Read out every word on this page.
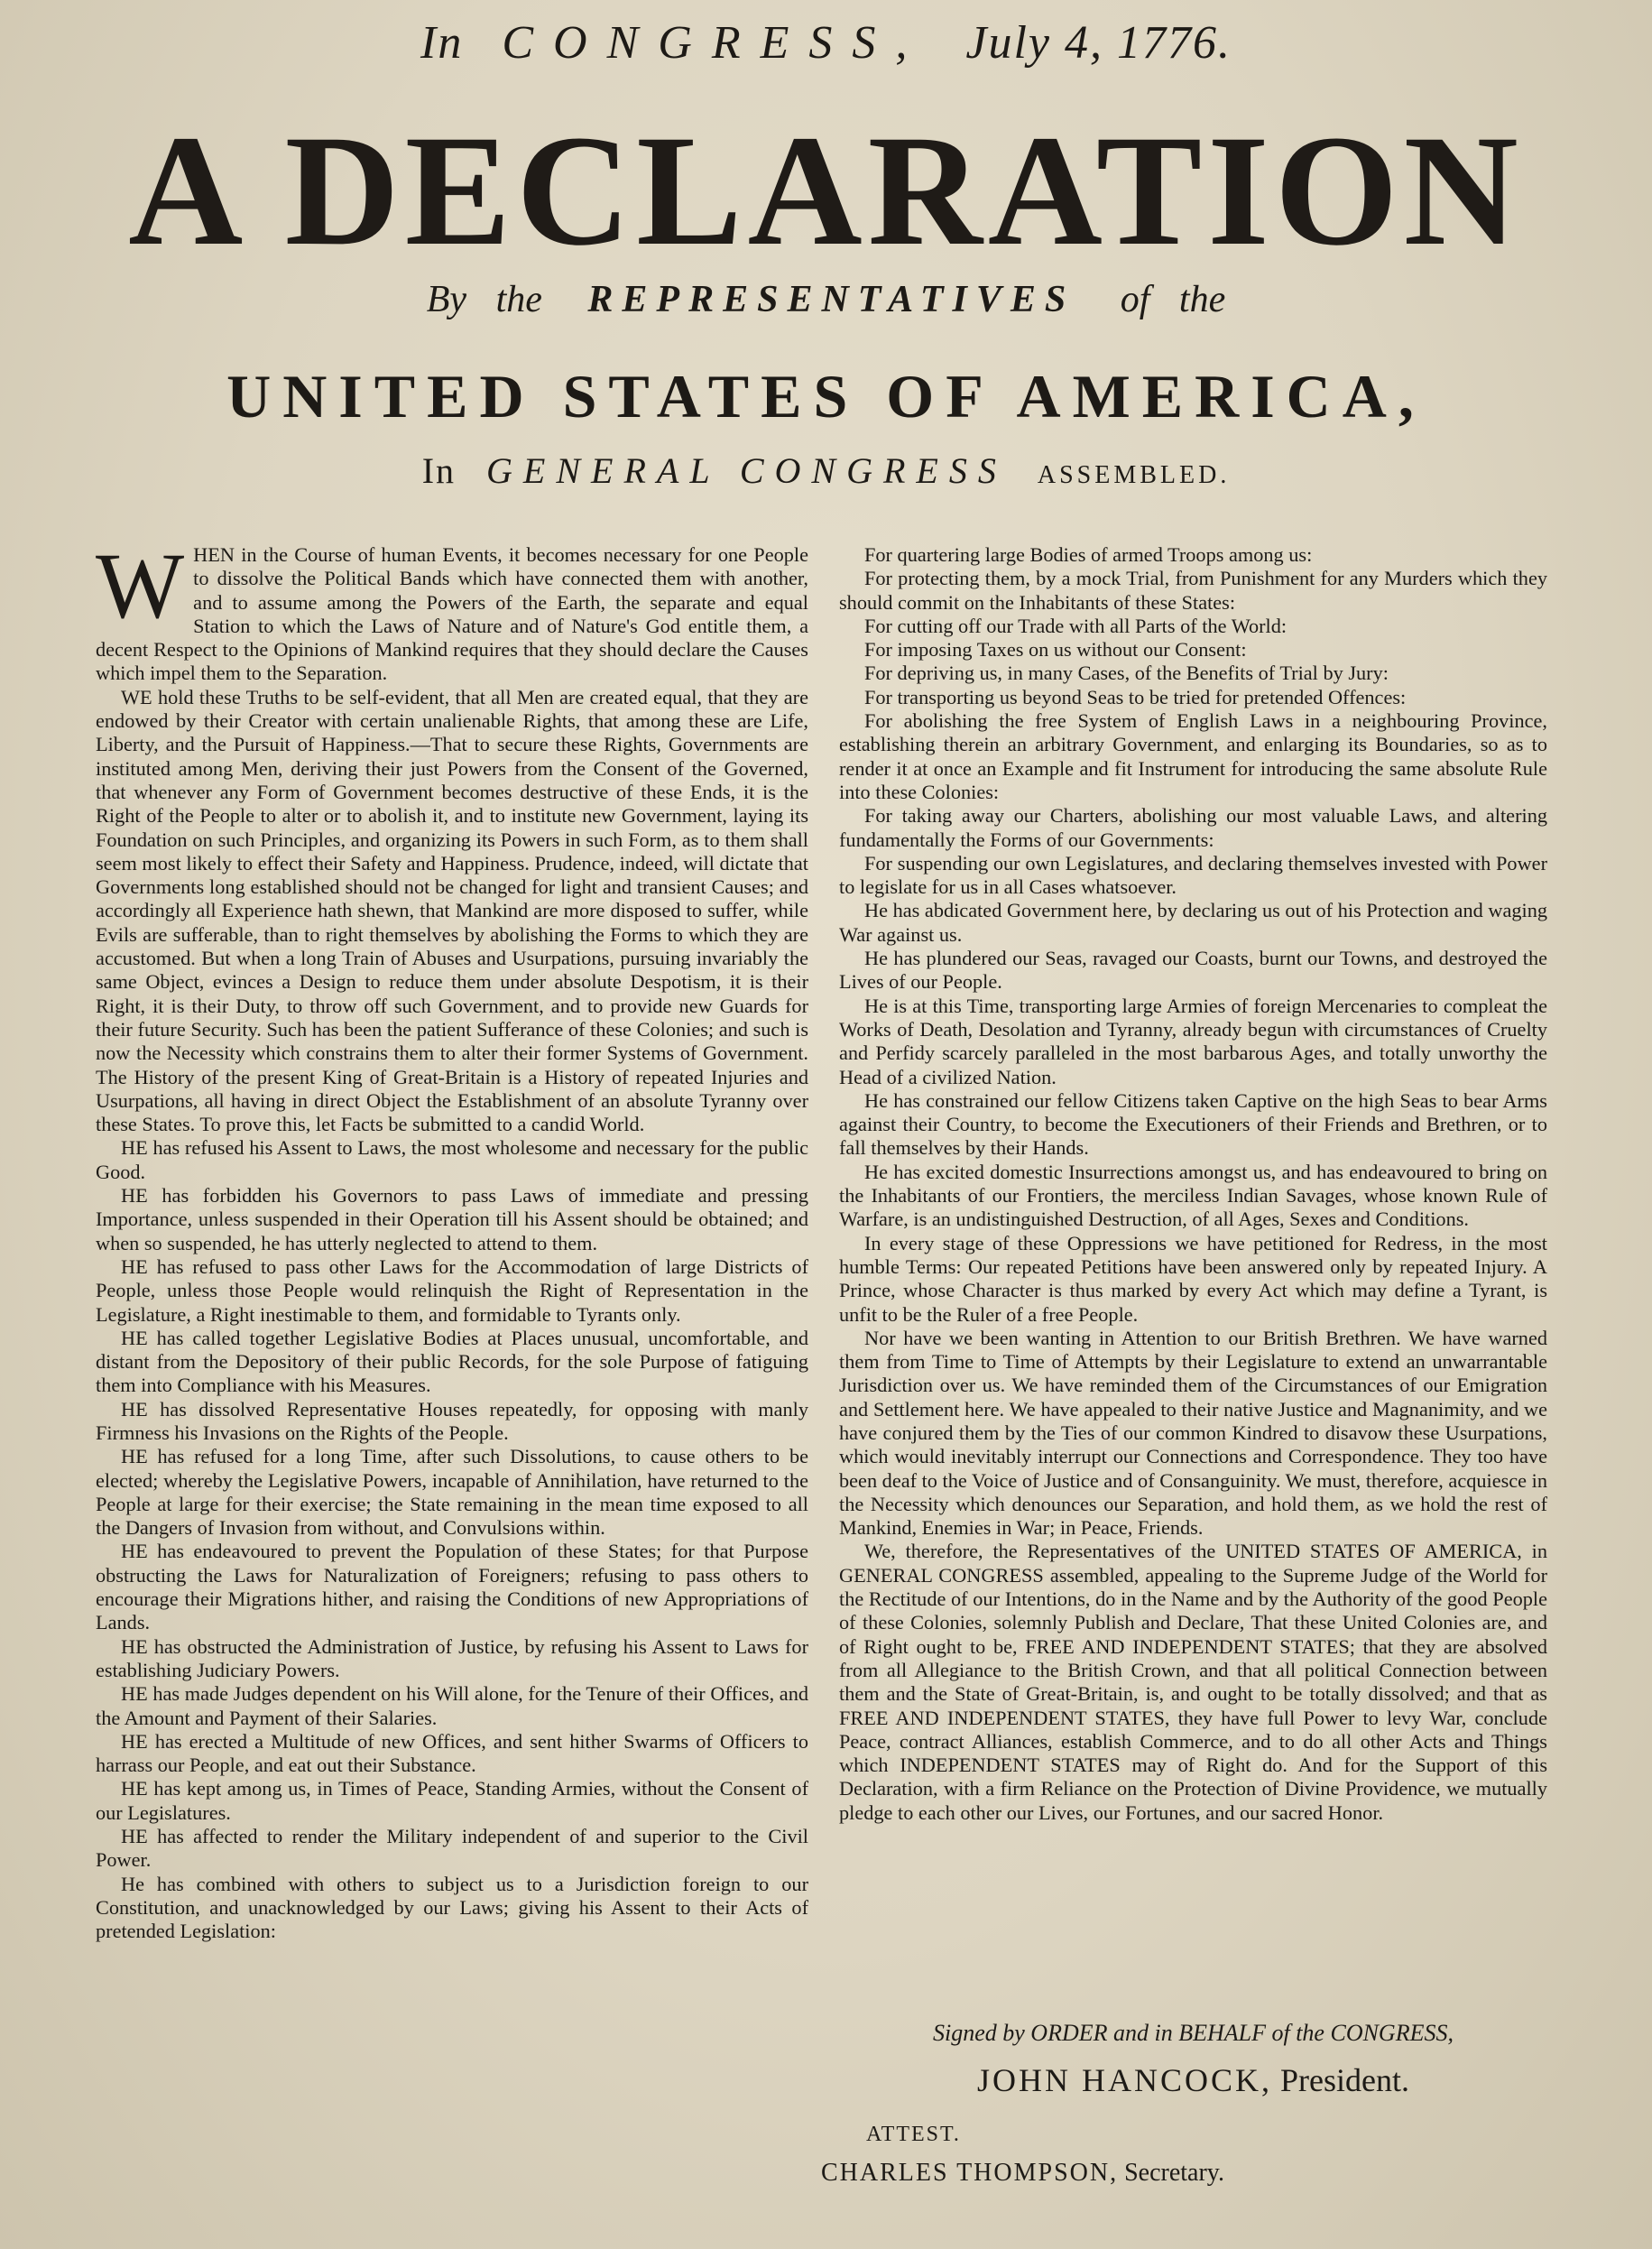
In CONGRESS, July 4, 1776.
A DECLARATION
By the REPRESENTATIVES of the
UNITED STATES OF AMERICA,
In GENERAL CONGRESS ASSEMBLED.

WHEN in the Course of human Events, it becomes necessary for one People to dissolve the Political Bands which have connected them with another, and to assume among the Powers of the Earth, the separate and equal Station to which the Laws of Nature and of Nature's God entitle them, a decent Respect to the Opinions of Mankind requires that they should declare the Causes which impel them to the Separation.

WE hold these Truths to be self-evident, that all Men are created equal, that they are endowed by their Creator with certain unalienable Rights, that among these are Life, Liberty, and the Pursuit of Happiness.—That to secure these Rights, Governments are instituted among Men, deriving their just Powers from the Consent of the Governed, that whenever any Form of Government becomes destructive of these Ends, it is the Right of the People to alter or to abolish it, and to institute new Government, laying its Foundation on such Principles, and organizing its Powers in such Form, as to them shall seem most likely to effect their Safety and Happiness. Prudence, indeed, will dictate that Governments long established should not be changed for light and transient Causes; and accordingly all Experience hath shewn, that Mankind are more disposed to suffer, while Evils are sufferable, than to right themselves by abolishing the Forms to which they are accustomed. But when a long Train of Abuses and Usurpations, pursuing invariably the same Object, evinces a Design to reduce them under absolute Despotism, it is their Right, it is their Duty, to throw off such Government, and to provide new Guards for their future Security. Such has been the patient Sufferance of these Colonies; and such is now the Necessity which constrains them to alter their former Systems of Government. The History of the present King of Great-Britain is a History of repeated Injuries and Usurpations, all having in direct Object the Establishment of an absolute Tyranny over these States. To prove this, let Facts be submitted to a candid World.

HE has refused his Assent to Laws, the most wholesome and necessary for the public Good.

HE has forbidden his Governors to pass Laws of immediate and pressing Importance, unless suspended in their Operation till his Assent should be obtained; and when so suspended, he has utterly neglected to attend to them.

HE has refused to pass other Laws for the Accommodation of large Districts of People, unless those People would relinquish the Right of Representation in the Legislature, a Right inestimable to them, and formidable to Tyrants only.

HE has called together Legislative Bodies at Places unusual, uncomfortable, and distant from the Depository of their public Records, for the sole Purpose of fatiguing them into Compliance with his Measures.

HE has dissolved Representative Houses repeatedly, for opposing with manly Firmness his Invasions on the Rights of the People.

HE has refused for a long Time, after such Dissolutions, to cause others to be elected; whereby the Legislative Powers, incapable of Annihilation, have returned to the People at large for their exercise; the State remaining in the mean time exposed to all the Dangers of Invasion from without, and Convulsions within.

HE has endeavoured to prevent the Population of these States; for that Purpose obstructing the Laws for Naturalization of Foreigners; refusing to pass others to encourage their Migrations hither, and raising the Conditions of new Appropriations of Lands.

HE has obstructed the Administration of Justice, by refusing his Assent to Laws for establishing Judiciary Powers.

HE has made Judges dependent on his Will alone, for the Tenure of their Offices, and the Amount and Payment of their Salaries.

HE has erected a Multitude of new Offices, and sent hither Swarms of Officers to harrass our People, and eat out their Substance.

HE has kept among us, in Times of Peace, Standing Armies, without the Consent of our Legislatures.

HE has affected to render the Military independent of and superior to the Civil Power.

He has combined with others to subject us to a Jurisdiction foreign to our Constitution, and unacknowledged by our Laws; giving his Assent to their Acts of pretended Legislation:

For quartering large Bodies of armed Troops among us:

For protecting them, by a mock Trial, from Punishment for any Murders which they should commit on the Inhabitants of these States:

For cutting off our Trade with all Parts of the World:

For imposing Taxes on us without our Consent:

For depriving us, in many Cases, of the Benefits of Trial by Jury:

For transporting us beyond Seas to be tried for pretended Offences:

For abolishing the free System of English Laws in a neighbouring Province, establishing therein an arbitrary Government, and enlarging its Boundaries, so as to render it at once an Example and fit Instrument for introducing the same absolute Rule into these Colonies:

For taking away our Charters, abolishing our most valuable Laws, and altering fundamentally the Forms of our Governments:

For suspending our own Legislatures, and declaring themselves invested with Power to legislate for us in all Cases whatsoever.

He has abdicated Government here, by declaring us out of his Protection and waging War against us.

He has plundered our Seas, ravaged our Coasts, burnt our Towns, and destroyed the Lives of our People.

He is at this Time, transporting large Armies of foreign Mercenaries to compleat the Works of Death, Desolation and Tyranny, already begun with circumstances of Cruelty and Perfidy scarcely paralleled in the most barbarous Ages, and totally unworthy the Head of a civilized Nation.

He has constrained our fellow Citizens taken Captive on the high Seas to bear Arms against their Country, to become the Executioners of their Friends and Brethren, or to fall themselves by their Hands.

He has excited domestic Insurrections amongst us, and has endeavoured to bring on the Inhabitants of our Frontiers, the merciless Indian Savages, whose known Rule of Warfare, is an undistinguished Destruction, of all Ages, Sexes and Conditions.

In every stage of these Oppressions we have petitioned for Redress, in the most humble Terms: Our repeated Petitions have been answered only by repeated Injury. A Prince, whose Character is thus marked by every Act which may define a Tyrant, is unfit to be the Ruler of a free People.

Nor have we been wanting in Attention to our British Brethren. We have warned them from Time to Time of Attempts by their Legislature to extend an unwarrantable Jurisdiction over us. We have reminded them of the Circumstances of our Emigration and Settlement here. We have appealed to their native Justice and Magnanimity, and we have conjured them by the Ties of our common Kindred to disavow these Usurpations, which would inevitably interrupt our Connections and Correspondence. They too have been deaf to the Voice of Justice and of Consanguinity. We must, therefore, acquiesce in the Necessity which denounces our Separation, and hold them, as we hold the rest of Mankind, Enemies in War; in Peace, Friends.

We, therefore, the Representatives of the UNITED STATES OF AMERICA, in GENERAL CONGRESS assembled, appealing to the Supreme Judge of the World for the Rectitude of our Intentions, do in the Name and by the Authority of the good People of these Colonies, solemnly Publish and Declare, That these United Colonies are, and of Right ought to be, FREE AND INDEPENDENT STATES; that they are absolved from all Allegiance to the British Crown, and that all political Connection between them and the State of Great-Britain, is, and ought to be totally dissolved; and that as FREE AND INDEPENDENT STATES, they have full Power to levy War, conclude Peace, contract Alliances, establish Commerce, and to do all other Acts and Things which INDEPENDENT STATES may of Right do. And for the Support of this Declaration, with a firm Reliance on the Protection of Divine Providence, we mutually pledge to each other our Lives, our Fortunes, and our sacred Honor.

Signed by ORDER and in BEHALF of the CONGRESS,
JOHN HANCOCK, President.
ATTEST.
CHARLES THOMPSON, Secretary.
